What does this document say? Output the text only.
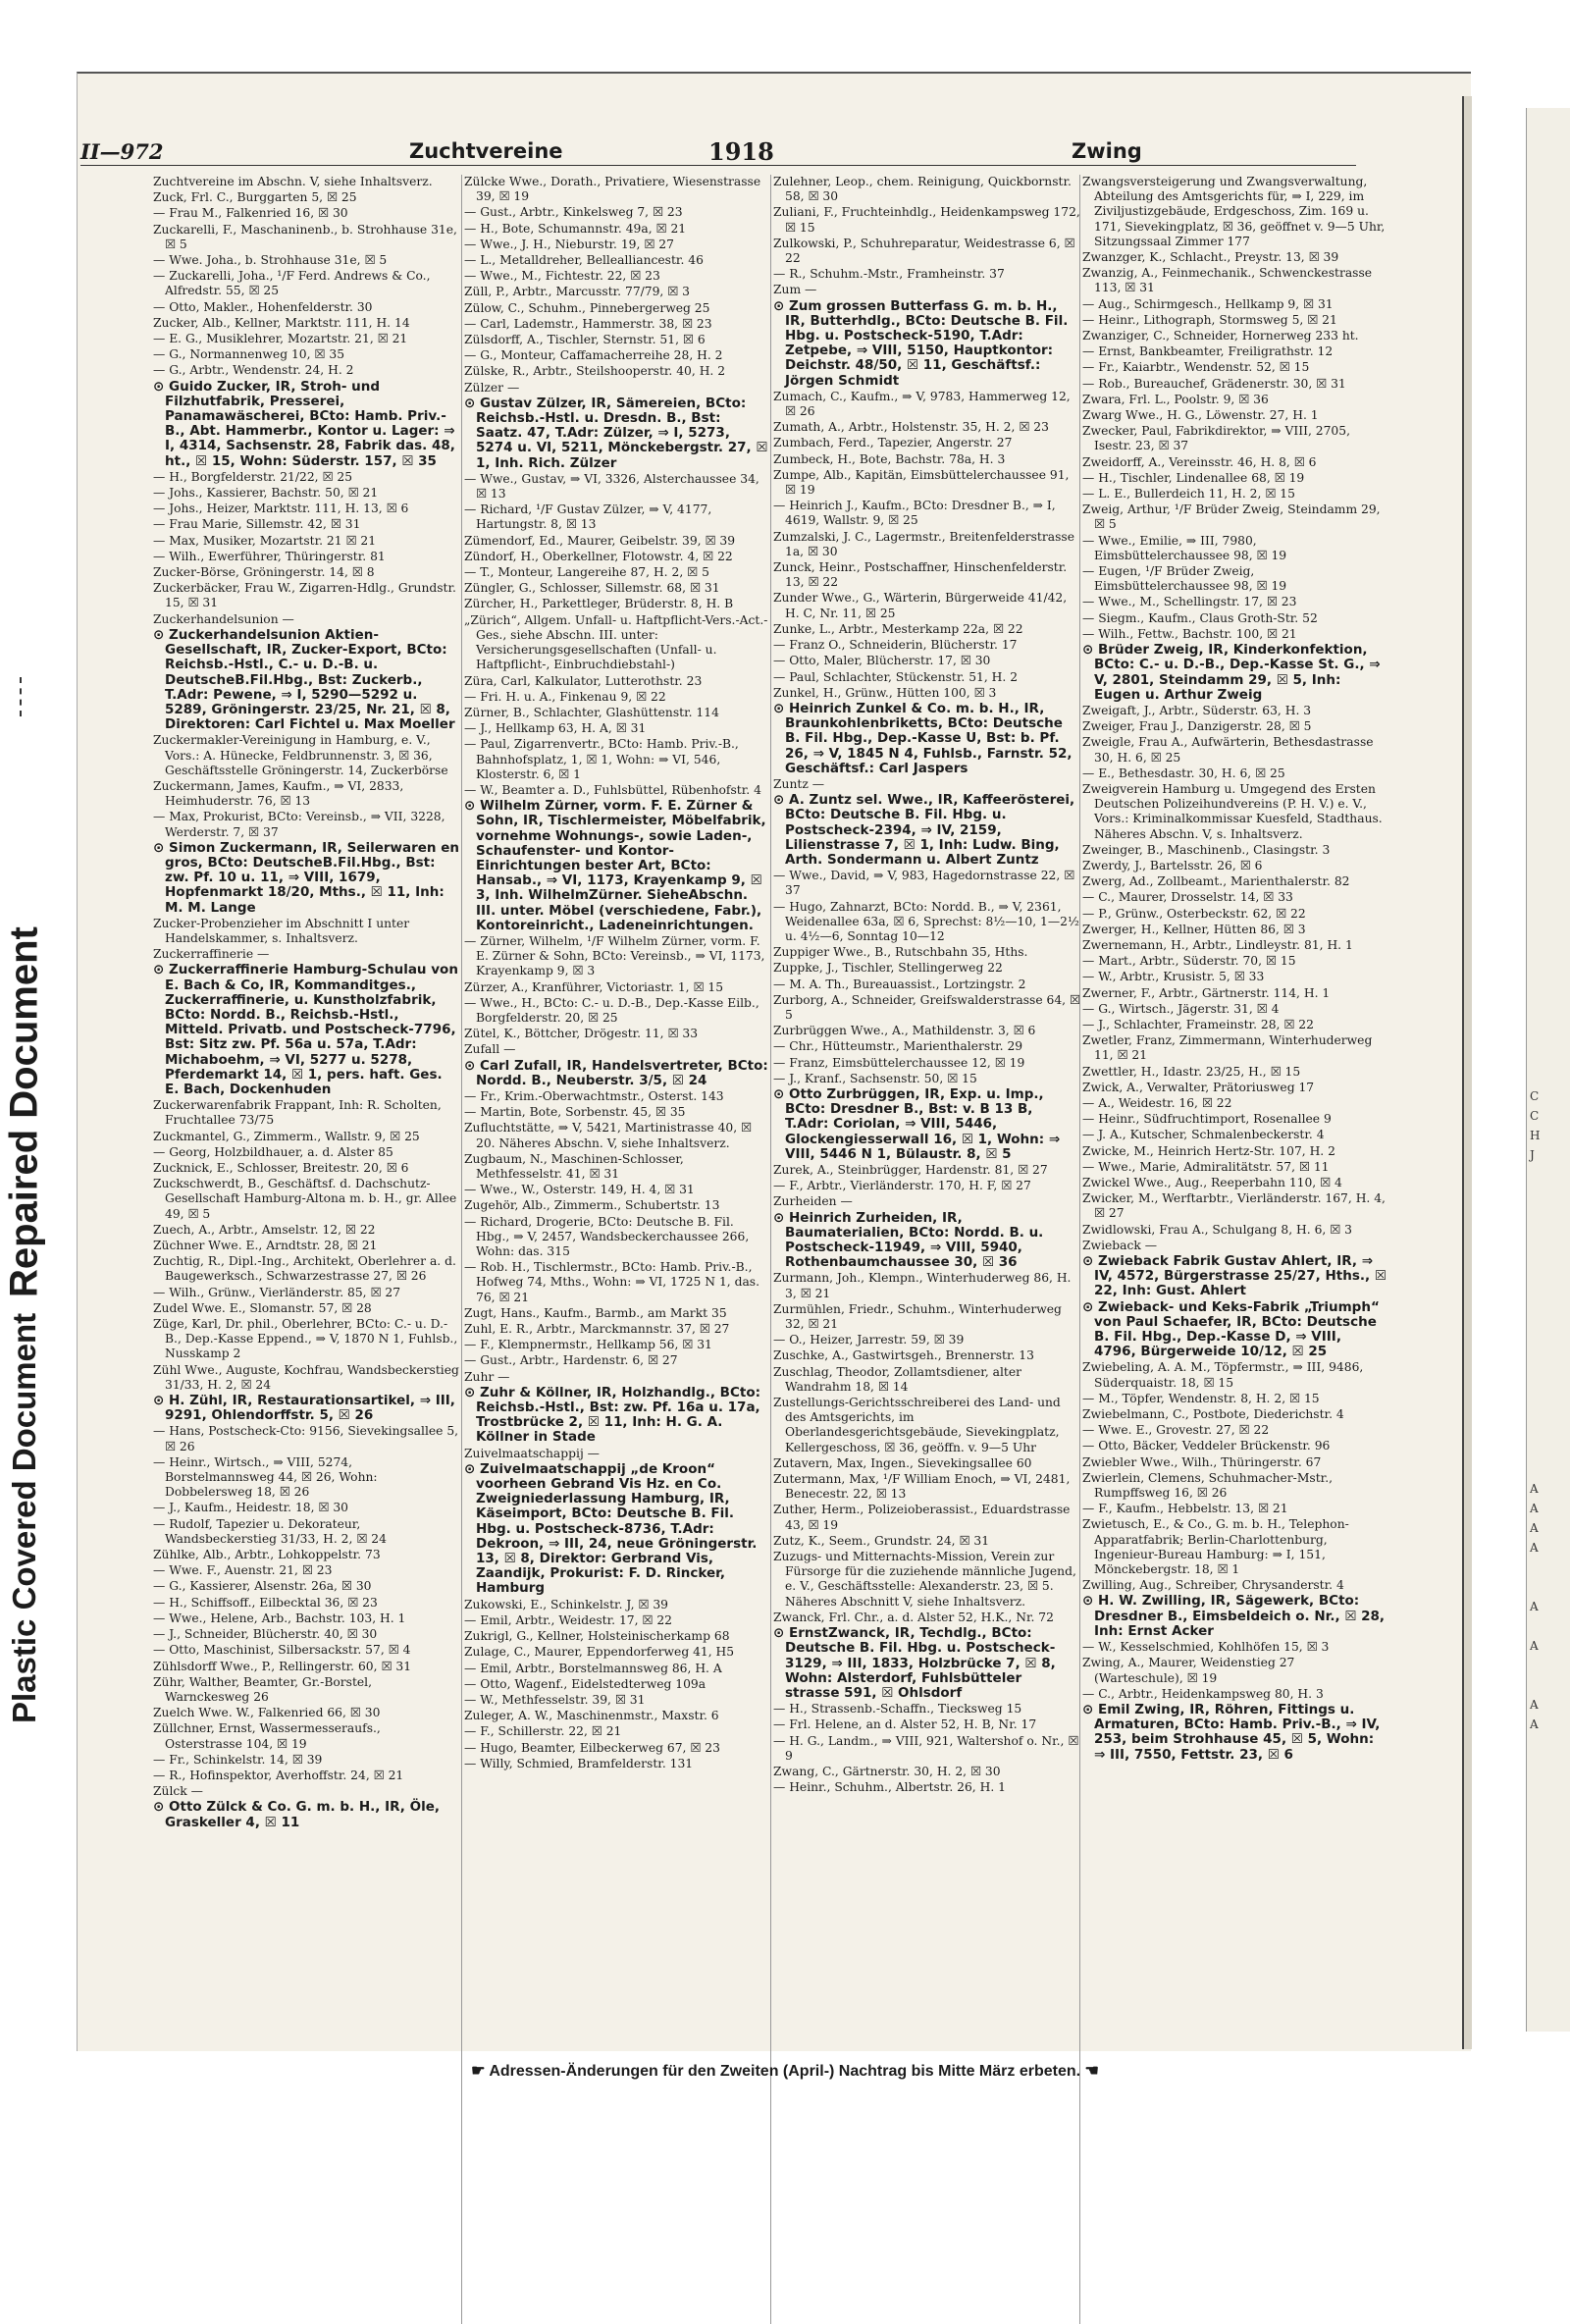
Plastic Covered Document
Repaired Document	C
C
H
J
A
A
A
A
A
A
A
A
II—972	Zuchtvereine	1918	Zwing

Zuchtvereine im Abschn. V, siehe Inhaltsverz.

Zuck, Frl. C., Burggarten 5, ☒ 25

— Frau M., Falkenried 16, ☒ 30

Zuckarelli, F., Maschaninenb., b. Strohhause 31e, ☒ 5

— Wwe. Joha., b. Strohhause 31e, ☒ 5

— Zuckarelli, Joha., ¹/F Ferd. Andrews & Co., Alfredstr. 55, ☒ 25

— Otto, Makler., Hohenfelderstr. 30

Zucker, Alb., Kellner, Marktstr. 111, H. 14

— E. G., Musiklehrer, Mozartstr. 21, ☒ 21

— G., Normannenweg 10, ☒ 35

— G., Arbtr., Wendenstr. 24, H. 2

⊙ Guido Zucker, IR, Stroh- und Filzhutfabrik, Presserei, Panamawäscherei, BCto: Hamb. Priv.-B., Abt. Hammerbr., Kontor u. Lager: ⇒ I, 4314, Sachsenstr. 28, Fabrik das. 48, ht., ☒ 15, Wohn: Süderstr. 157, ☒ 35

— H., Borgfelderstr. 21/22, ☒ 25

— Johs., Kassierer, Bachstr. 50, ☒ 21

— Johs., Heizer, Marktstr. 111, H. 13, ☒ 6

— Frau Marie, Sillemstr. 42, ☒ 31

— Max, Musiker, Mozartstr. 21 ☒ 21

— Wilh., Ewerführer, Thüringerstr. 81

Zucker-Börse, Gröningerstr. 14, ☒ 8

Zuckerbäcker, Frau W., Zigarren-Hdlg., Grundstr. 15, ☒ 31

Zuckerhandelsunion —

⊙ Zuckerhandelsunion Aktien-Gesellschaft, IR, Zucker-Export, BCto: Reichsb.-Hstl., C.- u. D.-B. u. DeutscheB.Fil.Hbg., Bst: Zuckerb., T.Adr: Pewene, ⇒ I, 5290—5292 u. 5289, Gröningerstr. 23/25, Nr. 21, ☒ 8, Direktoren: Carl Fichtel u. Max Moeller

Zuckermakler-Vereinigung in Hamburg, e. V., Vors.: A. Hünecke, Feldbrunnenstr. 3, ☒ 36, Geschäftsstelle Gröningerstr. 14, Zuckerbörse

Zuckermann, James, Kaufm., ⇒ VI, 2833, Heimhuderstr. 76, ☒ 13

— Max, Prokurist, BCto: Vereinsb., ⇒ VII, 3228, Werderstr. 7, ☒ 37

⊙ Simon Zuckermann, IR, Seilerwaren en gros, BCto: DeutscheB.Fil.Hbg., Bst: zw. Pf. 10 u. 11, ⇒ VIII, 1679, Hopfenmarkt 18/20, Mths., ☒ 11, Inh: M. M. Lange

Zucker-Probenzieher im Abschnitt I unter Handelskammer, s. Inhaltsverz.

Zuckerraffinerie —

⊙ Zuckerraffinerie Hamburg-Schulau von E. Bach & Co, IR, Kommanditges., Zuckerraffinerie, u. Kunstholzfabrik, BCto: Nordd. B., Reichsb.-Hstl., Mitteld. Privatb. und Postscheck-7796, Bst: Sitz zw. Pf. 56a u. 57a, T.Adr: Michaboehm, ⇒ VI, 5277 u. 5278, Pferdemarkt 14, ☒ 1, pers. haft. Ges. E. Bach, Dockenhuden

Zuckerwarenfabrik Frappant, Inh: R. Scholten, Fruchtallee 73/75

Zuckmantel, G., Zimmerm., Wallstr. 9, ☒ 25

— Georg, Holzbildhauer, a. d. Alster 85

Zucknick, E., Schlosser, Breitestr. 20, ☒ 6

Zuckschwerdt, B., Geschäftsf. d. Dachschutz-Gesellschaft Hamburg-Altona m. b. H., gr. Allee 49, ☒ 5

Zuech, A., Arbtr., Amselstr. 12, ☒ 22

Züchner Wwe. E., Arndtstr. 28, ☒ 21

Zuchtig, R., Dipl.-Ing., Architekt, Oberlehrer a. d. Baugewerksch., Schwarzestrasse 27, ☒ 26

— Wilh., Grünw., Vierländerstr. 85, ☒ 27

Zudel Wwe. E., Slomanstr. 57, ☒ 28

Züge, Karl, Dr. phil., Oberlehrer, BCto: C.- u. D.-B., Dep.-Kasse Eppend., ⇒ V, 1870 N 1, Fuhlsb., Nusskamp 2

Zühl Wwe., Auguste, Kochfrau, Wandsbeckerstieg 31/33, H. 2, ☒ 24

⊙ H. Zühl, IR, Restaurationsartikel, ⇒ III, 9291, Ohlendorffstr. 5, ☒ 26

— Hans, Postscheck-Cto: 9156, Sievekingsallee 5, ☒ 26

— Heinr., Wirtsch., ⇒ VIII, 5274, Borstelmannsweg 44, ☒ 26, Wohn: Dobbelersweg 18, ☒ 26

— J., Kaufm., Heidestr. 18, ☒ 30

— Rudolf, Tapezier u. Dekorateur, Wandsbeckerstieg 31/33, H. 2, ☒ 24

Zühlke, Alb., Arbtr., Lohkoppelstr. 73

— Wwe. F., Auenstr. 21, ☒ 23

— G., Kassierer, Alsenstr. 26a, ☒ 30

— H., Schiffsoff., Eilbecktal 36, ☒ 23

— Wwe., Helene, Arb., Bachstr. 103, H. 1

— J., Schneider, Blücherstr. 40, ☒ 30

— Otto, Maschinist, Silbersackstr. 57, ☒ 4

Zühlsdorff Wwe., P., Rellingerstr. 60, ☒ 31

Zühr, Walther, Beamter, Gr.-Borstel, Warnckesweg 26

Zuelch Wwe. W., Falkenried 66, ☒ 30

Züllchner, Ernst, Wassermesseraufs., Osterstrasse 104, ☒ 19

— Fr., Schinkelstr. 14, ☒ 39

— R., Hofinspektor, Averhoffstr. 24, ☒ 21

Zülck —

⊙ Otto Zülck & Co. G. m. b. H., IR, Öle, Graskeller 4, ☒ 11

Zülcke Wwe., Dorath., Privatiere, Wiesenstrasse 39, ☒ 19

— Gust., Arbtr., Kinkelsweg 7, ☒ 23

— H., Bote, Schumannstr. 49a, ☒ 21

— Wwe., J. H., Nieburstr. 19, ☒ 27

— L., Metalldreher, Bellealliancestr. 46

— Wwe., M., Fichtestr. 22, ☒ 23

Züll, P., Arbtr., Marcusstr. 77/79, ☒ 3

Zülow, C., Schuhm., Pinnebergerweg 25

— Carl, Lademstr., Hammerstr. 38, ☒ 23

Zülsdorff, A., Tischler, Sternstr. 51, ☒ 6

— G., Monteur, Caffamacherreihe 28, H. 2

Zülske, R., Arbtr., Steilshooperstr. 40, H. 2

Zülzer —

⊙ Gustav Zülzer, IR, Sämereien, BCto: Reichsb.-Hstl. u. Dresdn. B., Bst: Saatz. 47, T.Adr: Zülzer, ⇒ I, 5273, 5274 u. VI, 5211, Mönckebergstr. 27, ☒ 1, Inh. Rich. Zülzer

— Wwe., Gustav, ⇒ VI, 3326, Alsterchaussee 34, ☒ 13

— Richard, ¹/F Gustav Zülzer, ⇒ V, 4177, Hartungstr. 8, ☒ 13

Zümendorf, Ed., Maurer, Geibelstr. 39, ☒ 39

Zündorf, H., Oberkellner, Flotowstr. 4, ☒ 22

— T., Monteur, Langereihe 87, H. 2, ☒ 5

Züngler, G., Schlosser, Sillemstr. 68, ☒ 31

Zürcher, H., Parkettleger, Brüderstr. 8, H. B

„Zürich“, Allgem. Unfall- u. Haftpflicht-Vers.-Act.-Ges., siehe Abschn. III. unter: Versicherungsgesellschaften (Unfall- u. Haftpflicht-, Einbruchdiebstahl-)

Züra, Carl, Kalkulator, Lutterothstr. 23

— Fri. H. u. A., Finkenau 9, ☒ 22

Zürner, B., Schlachter, Glashüttenstr. 114

— J., Hellkamp 63, H. A, ☒ 31

— Paul, Zigarrenvertr., BCto: Hamb. Priv.-B., Bahnhofsplatz, 1, ☒ 1, Wohn: ⇒ VI, 546, Klosterstr. 6, ☒ 1

— W., Beamter a. D., Fuhlsbüttel, Rübenhofstr. 4

⊙ Wilhelm Zürner, vorm. F. E. Zürner & Sohn, IR, Tischlermeister, Möbelfabrik, vornehme Wohnungs-, sowie Laden-, Schaufenster- und Kontor-Einrichtungen bester Art, BCto: Hansab., ⇒ VI, 1173, Krayenkamp 9, ☒ 3, Inh. WilhelmZürner. SieheAbschn. III. unter. Möbel (verschiedene, Fabr.), Kontoreinricht., Ladeneinrichtungen.

— Zürner, Wilhelm, ¹/F Wilhelm Zürner, vorm. F. E. Zürner & Sohn, BCto: Vereinsb., ⇒ VI, 1173, Krayenkamp 9, ☒ 3

Zürzer, A., Kranführer, Victoriastr. 1, ☒ 15

— Wwe., H., BCto: C.- u. D.-B., Dep.-Kasse Eilb., Borgfelderstr. 20, ☒ 25

Zütel, K., Böttcher, Drögestr. 11, ☒ 33

Zufall —

⊙ Carl Zufall, IR, Handelsvertreter, BCto: Nordd. B., Neuberstr. 3/5, ☒ 24

— Fr., Krim.-Oberwachtmstr., Osterst. 143

— Martin, Bote, Sorbenstr. 45, ☒ 35

Zufluchtstätte, ⇒ V, 5421, Martinistrasse 40, ☒ 20. Näheres Abschn. V, siehe Inhaltsverz.

Zugbaum, N., Maschinen-Schlosser, Methfesselstr. 41, ☒ 31

— Wwe., W., Osterstr. 149, H. 4, ☒ 31

Zugehör, Alb., Zimmerm., Schubertstr. 13

— Richard, Drogerie, BCto: Deutsche B. Fil. Hbg., ⇒ V, 2457, Wandsbeckerchaussee 266, Wohn: das. 315

— Rob. H., Tischlermstr., BCto: Hamb. Priv.-B., Hofweg 74, Mths., Wohn: ⇒ VI, 1725 N 1, das. 76, ☒ 21

Zugt, Hans., Kaufm., Barmb., am Markt 35

Zuhl, E. R., Arbtr., Marckmannstr. 37, ☒ 27

— F., Klempnermstr., Hellkamp 56, ☒ 31

— Gust., Arbtr., Hardenstr. 6, ☒ 27

Zuhr —

⊙ Zuhr & Köllner, IR, Holzhandlg., BCto: Reichsb.-Hstl., Bst: zw. Pf. 16a u. 17a, Trostbrücke 2, ☒ 11, Inh: H. G. A. Köllner in Stade

Zuivelmaatschappij —

⊙ Zuivelmaatschappij „de Kroon“ voorheen Gebrand Vis Hz. en Co. Zweigniederlassung Hamburg, IR, Käseimport, BCto: Deutsche B. Fil. Hbg. u. Postscheck-8736, T.Adr: Dekroon, ⇒ III, 24, neue Gröningerstr. 13, ☒ 8, Direktor: Gerbrand Vis, Zaandijk, Prokurist: F. D. Rincker, Hamburg

Zukowski, E., Schinkelstr. J, ☒ 39

— Emil, Arbtr., Weidestr. 17, ☒ 22

Zukrigl, G., Kellner, Holsteinischerkamp 68

Zulage, C., Maurer, Eppendorferweg 41, H5

— Emil, Arbtr., Borstelmannsweg 86, H. A

— Otto, Wagenf., Eidelstedterweg 109a

— W., Methfesselstr. 39, ☒ 31

Zuleger, A. W., Maschinenmstr., Maxstr. 6

— F., Schillerstr. 22, ☒ 21

— Hugo, Beamter, Eilbeckerweg 67, ☒ 23

— Willy, Schmied, Bramfelderstr. 131

Zulehner, Leop., chem. Reinigung, Quickbornstr. 58, ☒ 30

Zuliani, F., Fruchteinhdlg., Heidenkampsweg 172, ☒ 15

Zulkowski, P., Schuhreparatur, Weidestrasse 6, ☒ 22

— R., Schuhm.-Mstr., Framheinstr. 37

Zum —

⊙ Zum grossen Butterfass G. m. b. H., IR, Butterhdlg., BCto: Deutsche B. Fil. Hbg. u. Postscheck-5190, T.Adr: Zetpebe, ⇒ VIII, 5150, Hauptkontor: Deichstr. 48/50, ☒ 11, Geschäftsf.: Jörgen Schmidt

Zumach, C., Kaufm., ⇒ V, 9783, Hammerweg 12, ☒ 26

Zumath, A., Arbtr., Holstenstr. 35, H. 2, ☒ 23

Zumbach, Ferd., Tapezier, Angerstr. 27

Zumbeck, H., Bote, Bachstr. 78a, H. 3

Zumpe, Alb., Kapitän, Eimsbüttelerchaussee 91, ☒ 19

— Heinrich J., Kaufm., BCto: Dresdner B., ⇒ I, 4619, Wallstr. 9, ☒ 25

Zumzalski, J. C., Lagermstr., Breitenfelderstrasse 1a, ☒ 30

Zunck, Heinr., Postschaffner, Hinschenfelderstr. 13, ☒ 22

Zunder Wwe., G., Wärterin, Bürgerweide 41/42, H. C, Nr. 11, ☒ 25

Zunke, L., Arbtr., Mesterkamp 22a, ☒ 22

— Franz O., Schneiderin, Blücherstr. 17

— Otto, Maler, Blücherstr. 17, ☒ 30

— Paul, Schlachter, Stückenstr. 51, H. 2

Zunkel, H., Grünw., Hütten 100, ☒ 3

⊙ Heinrich Zunkel & Co. m. b. H., IR, Braunkohlenbriketts, BCto: Deutsche B. Fil. Hbg., Dep.-Kasse U, Bst: b. Pf. 26, ⇒ V, 1845 N 4, Fuhlsb., Farnstr. 52, Geschäftsf.: Carl Jaspers

Zuntz —

⊙ A. Zuntz sel. Wwe., IR, Kaffeerösterei, BCto: Deutsche B. Fil. Hbg. u. Postscheck-2394, ⇒ IV, 2159, Lilienstrasse 7, ☒ 1, Inh: Ludw. Bing, Arth. Sondermann u. Albert Zuntz

— Wwe., David, ⇒ V, 983, Hagedornstrasse 22, ☒ 37

— Hugo, Zahnarzt, BCto: Nordd. B., ⇒ V, 2361, Weidenallee 63a, ☒ 6, Sprechst: 8½—10, 1—2½ u. 4½—6, Sonntag 10—12

Zuppiger Wwe., B., Rutschbahn 35, Hths.

Zuppke, J., Tischler, Stellingerweg 22

— M. A. Th., Bureauassist., Lortzingstr. 2

Zurborg, A., Schneider, Greifswalderstrasse 64, ☒ 5

Zurbrüggen Wwe., A., Mathildenstr. 3, ☒ 6

— Chr., Hütteumstr., Marienthalerstr. 29

— Franz, Eimsbüttelerchaussee 12, ☒ 19

— J., Kranf., Sachsenstr. 50, ☒ 15

⊙ Otto Zurbrüggen, IR, Exp. u. Imp., BCto: Dresdner B., Bst: v. B 13 B, T.Adr: Coriolan, ⇒ VIII, 5446, Glockengiesserwall 16, ☒ 1, Wohn: ⇒ VIII, 5446 N 1, Bülaustr. 8, ☒ 5

Zurek, A., Steinbrügger, Hardenstr. 81, ☒ 27

— F., Arbtr., Vierländerstr. 170, H. F, ☒ 27

Zurheiden —

⊙ Heinrich Zurheiden, IR, Baumaterialien, BCto: Nordd. B. u. Postscheck-11949, ⇒ VIII, 5940, Rothenbaumchaussee 30, ☒ 36

Zurmann, Joh., Klempn., Winterhuderweg 86, H. 3, ☒ 21

Zurmühlen, Friedr., Schuhm., Winterhuderweg 32, ☒ 21

— O., Heizer, Jarrestr. 59, ☒ 39

Zuschke, A., Gastwirtsgeh., Brennerstr. 13

Zuschlag, Theodor, Zollamtsdiener, alter Wandrahm 18, ☒ 14

Zustellungs-Gerichtsschreiberei des Land- und des Amtsgerichts, im Oberlandesgerichtsgebäude, Sievekingplatz, Kellergeschoss, ☒ 36, geöffn. v. 9—5 Uhr

Zutavern, Max, Ingen., Sievekingsallee 60

Zutermann, Max, ¹/F William Enoch, ⇒ VI, 2481, Benecestr. 22, ☒ 13

Zuther, Herm., Polizeioberassist., Eduardstrasse 43, ☒ 19

Zutz, K., Seem., Grundstr. 24, ☒ 31

Zuzugs- und Mitternachts-Mission, Verein zur Fürsorge für die zuziehende männliche Jugend, e. V., Geschäftsstelle: Alexanderstr. 23, ☒ 5. Näheres Abschnitt V, siehe Inhaltsverz.

Zwanck, Frl. Chr., a. d. Alster 52, H.K., Nr. 72

⊙ ErnstZwanck, IR, Techdlg., BCto: Deutsche B. Fil. Hbg. u. Postscheck-3129, ⇒ III, 1833, Holzbrücke 7, ☒ 8, Wohn: Alsterdorf, Fuhlsbütteler strasse 591, ☒ Ohlsdorf

— H., Strassenb.-Schaffn., Tiecksweg 15

— Frl. Helene, an d. Alster 52, H. B, Nr. 17

— H. G., Landm., ⇒ VIII, 921, Waltershof o. Nr., ☒ 9

Zwang, C., Gärtnerstr. 30, H. 2, ☒ 30

— Heinr., Schuhm., Albertstr. 26, H. 1

Zwangsversteigerung und Zwangsverwaltung, Abteilung des Amtsgerichts für, ⇒ I, 229, im Ziviljustizgebäude, Erdgeschoss, Zim. 169 u. 171, Sievekingplatz, ☒ 36, geöffnet v. 9—5 Uhr, Sitzungssaal Zimmer 177

Zwanzger, K., Schlacht., Preystr. 13, ☒ 39

Zwanzig, A., Feinmechanik., Schwenckestrasse 113, ☒ 31

— Aug., Schirmgesch., Hellkamp 9, ☒ 31

— Heinr., Lithograph, Stormsweg 5, ☒ 21

Zwanziger, C., Schneider, Hornerweg 233 ht.

— Ernst, Bankbeamter, Freiligrathstr. 12

— Fr., Kaiarbtr., Wendenstr. 52, ☒ 15

— Rob., Bureauchef, Grädenerstr. 30, ☒ 31

Zwara, Frl. L., Poolstr. 9, ☒ 36

Zwarg Wwe., H. G., Löwenstr. 27, H. 1

Zwecker, Paul, Fabrikdirektor, ⇒ VIII, 2705, Isestr. 23, ☒ 37

Zweidorff, A., Vereinsstr. 46, H. 8, ☒ 6

— H., Tischler, Lindenallee 68, ☒ 19

— L. E., Bullerdeich 11, H. 2, ☒ 15

Zweig, Arthur, ¹/F Brüder Zweig, Steindamm 29, ☒ 5

— Wwe., Emilie, ⇒ III, 7980, Eimsbüttelerchaussee 98, ☒ 19

— Eugen, ¹/F Brüder Zweig, Eimsbüttelerchaussee 98, ☒ 19

— Wwe., M., Schellingstr. 17, ☒ 23

— Siegm., Kaufm., Claus Groth-Str. 52

— Wilh., Fettw., Bachstr. 100, ☒ 21

⊙ Brüder Zweig, IR, Kinderkonfektion, BCto: C.- u. D.-B., Dep.-Kasse St. G., ⇒ V, 2801, Steindamm 29, ☒ 5, Inh: Eugen u. Arthur Zweig

Zweigaft, J., Arbtr., Süderstr. 63, H. 3

Zweiger, Frau J., Danzigerstr. 28, ☒ 5

Zweigle, Frau A., Aufwärterin, Bethesdastrasse 30, H. 6, ☒ 25

— E., Bethesdastr. 30, H. 6, ☒ 25

Zweigverein Hamburg u. Umgegend des Ersten Deutschen Polizeihundvereins (P. H. V.) e. V., Vors.: Kriminalkommissar Kuesfeld, Stadthaus. Näheres Abschn. V, s. Inhaltsverz.

Zweinger, B., Maschinenb., Clasingstr. 3

Zwerdy, J., Bartelsstr. 26, ☒ 6

Zwerg, Ad., Zollbeamt., Marienthalerstr. 82

— C., Maurer, Drosselstr. 14, ☒ 33

— P., Grünw., Osterbeckstr. 62, ☒ 22

Zwerger, H., Kellner, Hütten 86, ☒ 3

Zwernemann, H., Arbtr., Lindleystr. 81, H. 1

— Mart., Arbtr., Süderstr. 70, ☒ 15

— W., Arbtr., Krusistr. 5, ☒ 33

Zwerner, F., Arbtr., Gärtnerstr. 114, H. 1

— G., Wirtsch., Jägerstr. 31, ☒ 4

— J., Schlachter, Frameinstr. 28, ☒ 22

Zwetler, Franz, Zimmermann, Winterhuderweg 11, ☒ 21

Zwettler, H., Idastr. 23/25, H., ☒ 15

Zwick, A., Verwalter, Prätoriusweg 17

— A., Weidestr. 16, ☒ 22

— Heinr., Südfruchtimport, Rosenallee 9

— J. A., Kutscher, Schmalenbeckerstr. 4

Zwicke, M., Heinrich Hertz-Str. 107, H. 2

— Wwe., Marie, Admiralitätstr. 57, ☒ 11

Zwickel Wwe., Aug., Reeperbahn 110, ☒ 4

Zwicker, M., Werftarbtr., Vierländerstr. 167, H. 4, ☒ 27

Zwidlowski, Frau A., Schulgang 8, H. 6, ☒ 3

Zwieback —

⊙ Zwieback Fabrik Gustav Ahlert, IR, ⇒ IV, 4572, Bürgerstrasse 25/27, Hths., ☒ 22, Inh: Gust. Ahlert

⊙ Zwieback- und Keks-Fabrik „Triumph“ von Paul Schaefer, IR, BCto: Deutsche B. Fil. Hbg., Dep.-Kasse D, ⇒ VIII, 4796, Bürgerweide 10/12, ☒ 25

Zwiebeling, A. A. M., Töpfermstr., ⇒ III, 9486, Süderquaistr. 18, ☒ 15

— M., Töpfer, Wendenstr. 8, H. 2, ☒ 15

Zwiebelmann, C., Postbote, Diederichstr. 4

— Wwe. E., Grovestr. 27, ☒ 22

— Otto, Bäcker, Veddeler Brückenstr. 96

Zwiebler Wwe., Wilh., Thüringerstr. 67

Zwierlein, Clemens, Schuhmacher-Mstr., Rumpffsweg 16, ☒ 26

— F., Kaufm., Hebbelstr. 13, ☒ 21

Zwietusch, E., & Co., G. m. b. H., Telephon- Apparatfabrik; Berlin-Charlottenburg, Ingenieur-Bureau Hamburg: ⇒ I, 151, Mönckebergstr. 18, ☒ 1

Zwilling, Aug., Schreiber, Chrysanderstr. 4

⊙ H. W. Zwilling, IR, Sägewerk, BCto: Dresdner B., Eimsbeldeich o. Nr., ☒ 28, Inh: Ernst Acker

— W., Kesselschmied, Kohlhöfen 15, ☒ 3

Zwing, A., Maurer, Weidenstieg 27 (Warteschule), ☒ 19

— C., Arbtr., Heidenkampsweg 80, H. 3

⊙ Emil Zwing, IR, Röhren, Fittings u. Armaturen, BCto: Hamb. Priv.-B., ⇒ IV, 253, beim Strohhause 45, ☒ 5, Wohn: ⇒ III, 7550, Fettstr. 23, ☒ 6

☛ Adressen-Änderungen für den Zweiten (April-) Nachtrag bis Mitte März erbeten. ☚
